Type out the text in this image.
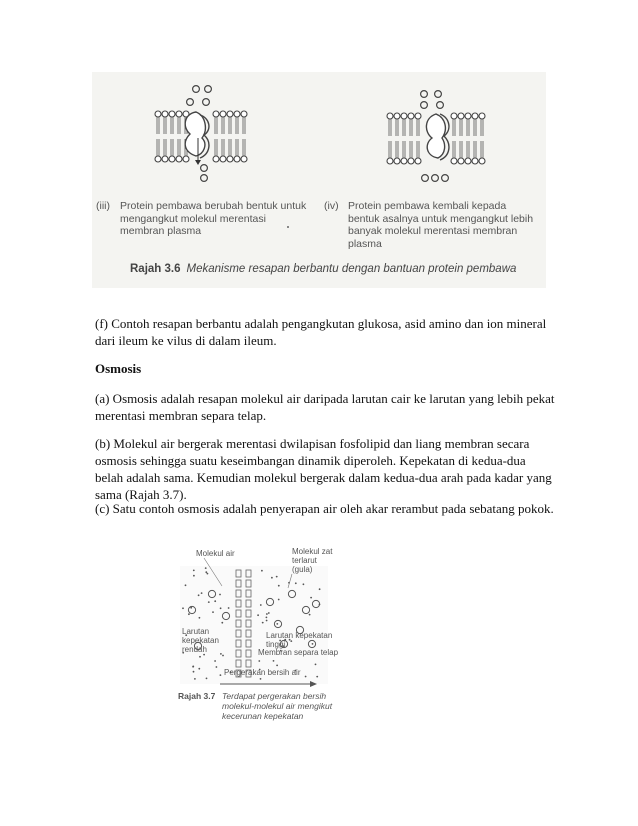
(iii) Protein pembawa berubah bentuk untuk
mengangkut molekul merentasi
membran plasma
(iv) Protein pembawa kembali kepada
bentuk asalnya untuk mengangkut lebih
banyak molekul merentasi membran
plasma
Rajah 3.6 Mekanisme resapan berbantu dengan bantuan protein pembawa
(f) Contoh resapan berbantu adalah pengangkutan glukosa, asid amino dan ion mineral dari ileum ke vilus di dalam ileum.
Osmosis
(a) Osmosis adalah resapan molekul air daripada larutan cair ke larutan yang lebih pekat merentasi membran separa telap.
(b) Molekul air bergerak merentasi dwilapisan fosfolipid dan liang membran secara osmosis sehingga suatu keseimbangan dinamik diperoleh. Kepekatan di kedua-dua belah adalah sama. Kemudian molekul bergerak dalam kedua-dua arah pada kadar yang sama (Rajah 3.7).
(c) Satu contoh osmosis adalah penyerapan air oleh akar rerambut pada sebatang pokok.
Molekul air	Molekul zat
terlarut
(gula)
Larutan
kepekatan
rendah
Larutan kepekatan
tinggi
Membran separa telap
Pergerakan bersih air
Rajah 3.7 Terdapat pergerakan bersih
molekul-molekul air mengikut
kecerunan kepekatan
